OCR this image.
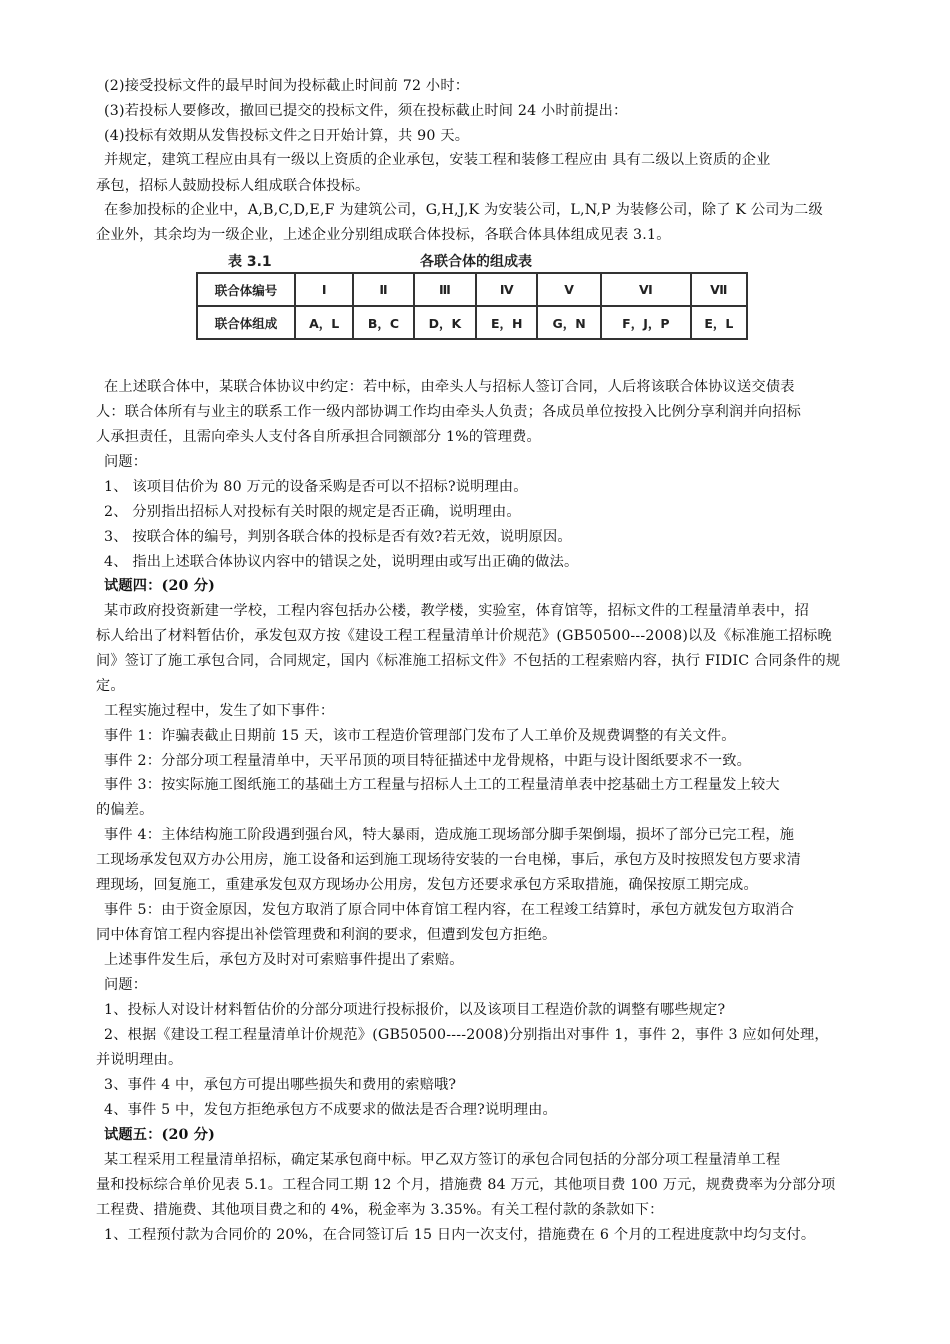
(2)接受投标文件的最早时间为投标截止时间前 72 小时：
(3)若投标人要修改，撤回已提交的投标文件，须在投标截止时间 24 小时前提出：
(4)投标有效期从发售投标文件之日开始计算，共 90 天。
并规定，建筑工程应由具有一级以上资质的企业承包，安装工程和装修工程应由 具有二级以上资质的企业
承包，招标人鼓励投标人组成联合体投标。
在参加投标的企业中，A,B,C,D,E,F 为建筑公司，G,H,J,K 为安装公司，L,N,P 为装修公司，除了 K 公司为二级
企业外，其余均为一级企业，上述企业分别组成联合体投标，各联合体具体组成见表 3.1。
表 3.1	各联合体的组成表
联合体编号	Ⅰ	Ⅱ	Ⅲ	Ⅳ	Ⅴ	Ⅵ	Ⅶ
联合体组成	A，L	B，C	D，K	E，H	G，N	F，J，P	E，L
在上述联合体中，某联合体协议中约定：若中标，由牵头人与招标人签订合同，人后将该联合体协议送交债表
人：联合体所有与业主的联系工作一级内部协调工作均由牵头人负责；各成员单位按投入比例分享利润并向招标
人承担责任，且需向牵头人支付各自所承担合同额部分 1%的管理费。
问题：
1、 该项目估价为 80 万元的设备采购是否可以不招标?说明理由。
2、 分别指出招标人对投标有关时限的规定是否正确，说明理由。
3、 按联合体的编号，判别各联合体的投标是否有效?若无效，说明原因。
4、 指出上述联合体协议内容中的错误之处，说明理由或写出正确的做法。
试题四：(20 分)
某市政府投资新建一学校，工程内容包括办公楼，教学楼，实验室，体育馆等，招标文件的工程量清单表中，招
标人给出了材料暂估价，承发包双方按《建设工程工程量清单计价规范》(GB50500---2008)以及《标准施工招标晚
间》签订了施工承包合同，合同规定，国内《标准施工招标文件》不包括的工程索赔内容，执行 FIDIC 合同条件的规
定。
工程实施过程中，发生了如下事件：
事件 1：诈骗表截止日期前 15 天，该市工程造价管理部门发布了人工单价及规费调整的有关文件。
事件 2：分部分项工程量清单中，天平吊顶的项目特征描述中龙骨规格，中距与设计图纸要求不一致。
事件 3：按实际施工图纸施工的基础土方工程量与招标人土工的工程量清单表中挖基础土方工程量发上较大
的偏差。
事件 4：主体结构施工阶段遇到强台风，特大暴雨，造成施工现场部分脚手架倒塌，损坏了部分已完工程，施
工现场承发包双方办公用房，施工设备和运到施工现场待安装的一台电梯，事后，承包方及时按照发包方要求清
理现场，回复施工，重建承发包双方现场办公用房，发包方还要求承包方采取措施，确保按原工期完成。
事件 5：由于资金原因，发包方取消了原合同中体育馆工程内容，在工程竣工结算时，承包方就发包方取消合
同中体育馆工程内容提出补偿管理费和利润的要求，但遭到发包方拒绝。
上述事件发生后，承包方及时对可索赔事件提出了索赔。
问题：
1、投标人对设计材料暂估价的分部分项进行投标报价，以及该项目工程造价款的调整有哪些规定?
2、根据《建设工程工程量清单计价规范》(GB50500----2008)分别指出对事件 1，事件 2，事件 3 应如何处理，
并说明理由。
3、事件 4 中，承包方可提出哪些损失和费用的索赔哦?
4、事件 5 中，发包方拒绝承包方不成要求的做法是否合理?说明理由。
试题五：(20 分)
某工程采用工程量清单招标，确定某承包商中标。甲乙双方签订的承包合同包括的分部分项工程量清单工程
量和投标综合单价见表 5.1。工程合同工期 12 个月，措施费 84 万元，其他项目费 100 万元，规费费率为分部分项
工程费、措施费、其他项目费之和的 4%，税金率为 3.35%。有关工程付款的条款如下：
1、工程预付款为合同价的 20%，在合同签订后 15 日内一次支付，措施费在 6 个月的工程进度款中均匀支付。
